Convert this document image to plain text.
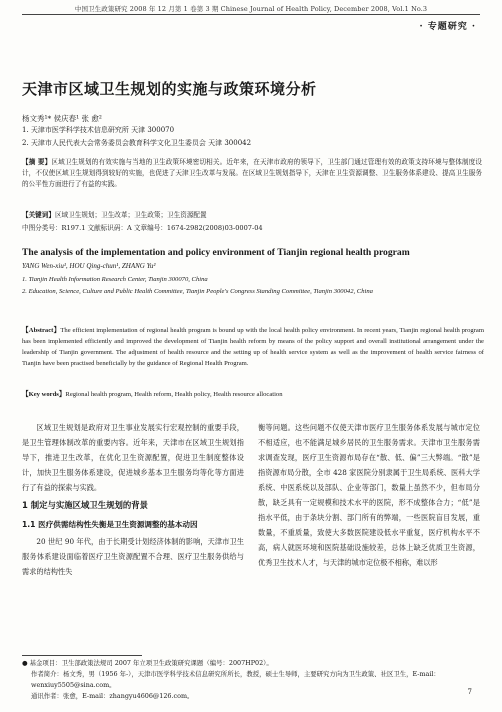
中国卫生政策研究 2008 年 12 月第 1 卷第 3 期 Chinese Journal of Health Policy, December 2008, Vol.1 No.3
· 专题研究 ·
天津市区域卫生规划的实施与政策环境分析
杨文秀¹* 侯庆春¹ 张 愈²
1. 天津市医学科学技术信息研究所 天津 300070
2. 天津市人民代表大会常务委员会教育科学文化卫生委员会 天津 300042
【摘 要】区域卫生规划的有效实施与当地的卫生政策环境密切相关。近年来，在天津市政府的领导下，卫生部门通过管理有效的政策支持环境与整体制度设计，不仅使区域卫生规划得到较好的实施，也促进了天津卫生改革与发展。在区域卫生规划指导下，天津在卫生资源调整、卫生服务体系建设、提高卫生服务的公平性方面进行了有益的实践。
【关键词】区域卫生规划；卫生改革；卫生政策；卫生资源配置
中图分类号：R197.1 文献标识码：A 文章编号：1674-2982(2008)03-0007-04
The analysis of the implementation and policy environment of Tianjin regional health program
YANG Wen-xiu¹, HOU Qing-chun¹, ZHANG Yu²
1. Tianjin Health Information Research Center, Tianjin 300070, China
2. Education, Science, Culture and Public Health Committee, Tianjin People's Congress Standing Committee, Tianjin 300042, China
【Abstract】The efficient implementation of regional health program is bound up with the local health policy environment. In recent years, Tianjin regional health program has been implemented efficiently and improved the development of Tianjin health reform by means of the policy support and overall institutional arrangement under the leadership of Tianjin government. The adjustment of health resource and the setting up of health service system as well as the improvement of health service fairness of Tianjin have been practised beneficially by the guidance of Regional Health Program.
【Key words】Regional health program, Health reform, Health policy, Health resource allocation

区域卫生规划是政府对卫生事业发展实行宏观控制的重要手段，是卫生管理体制改革的重要内容。近年来，天津市在区域卫生规划指导下，推进卫生改革，在优化卫生资源配置，促进卫生制度整体设计，加快卫生服务体系建设，促进城乡基本卫生服务均等化等方面进行了有益的探索与实践。

1 制定与实施区域卫生规划的背景

1.1 医疗供需结构性失衡是卫生资源调整的基本动因

20 世纪 90 年代，由于长期受计划经济体制的影响，天津市卫生服务体系建设面临着医疗卫生资源配置不合理、医疗卫生服务供给与需求的结构性失

衡等问题。这些问题不仅使天津市医疗卫生服务体系发展与城市定位不相适应，也不能满足城乡居民的卫生服务需求。天津市卫生服务需求调查发现，医疗卫生资源布局存在“散、低、偏”三大弊端。“散”是指资源布局分散，全市 428 家医院分别隶属于卫生局系统、医科大学系统、中医系统以及部队、企业等部门，数量上虽然不少，但布局分散，缺乏具有一定规模和技术水平的医院，形不成整体合力；“低”是指水平低，由于条块分割、部门所有的弊端，一些医院盲目发展，重数量，不重质量，致使大多数医院建设低水平重复，医疗机构水平不高，病人就医环境和医院基础设施较差，总体上缺乏优质卫生资源，优秀卫生技术人才，与天津的城市定位极不相称，难以形

● 基金项目：卫生部政策法规司 2007 年立项卫生政策研究课题（编号：2007HP02）。
作者简介：杨文秀，男（1956 年-），天津市医学科学技术信息研究所所长，教授，硕士生导师，主要研究方向为卫生政策、社区卫生，E-mail：wenxiuy5505@sina.com。
通讯作者：张愈，E-mail：zhangyu4606@126.com。	7
